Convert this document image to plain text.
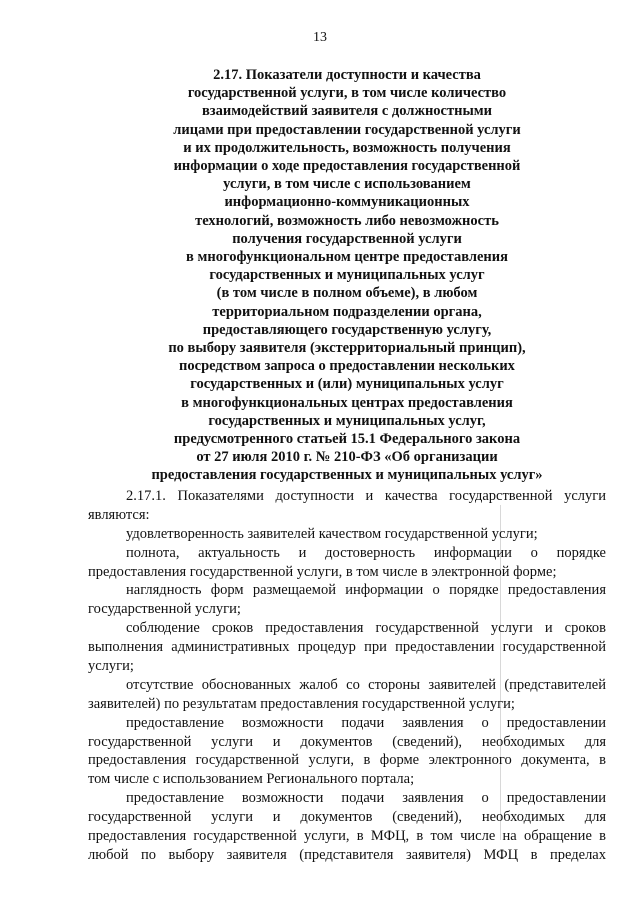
13
2.17. Показатели доступности и качества
государственной услуги, в том числе количество
взаимодействий заявителя с должностными
лицами при предоставлении государственной услуги
и их продолжительность, возможность получения
информации о ходе предоставления государственной
услуги, в том числе с использованием
информационно-коммуникационных
технологий, возможность либо невозможность
получения государственной услуги
в многофункциональном центре предоставления
государственных и муниципальных услуг
(в том числе в полном объеме), в любом
территориальном подразделении органа,
предоставляющего государственную услугу,
по выбору заявителя (экстерриториальный принцип),
посредством запроса о предоставлении нескольких
государственных и (или) муниципальных услуг
в многофункциональных центрах предоставления
государственных и муниципальных услуг,
предусмотренного статьей 15.1 Федерального закона
от 27 июля 2010 г. № 210-ФЗ «Об организации
предоставления государственных и муниципальных услуг»
2.17.1. Показателями доступности и качества государственной услуги
являются:
удовлетворенность заявителей качеством государственной услуги;
полнота, актуальность и достоверность информации о порядке
предоставления государственной услуги, в том числе в электронной форме;
наглядность форм размещаемой информации о порядке предоставления
государственной услуги;
соблюдение сроков предоставления государственной услуги и сроков
выполнения административных процедур при предоставлении государственной
услуги;
отсутствие обоснованных жалоб со стороны заявителей (представителей
заявителей) по результатам предоставления государственной услуги;
предоставление возможности подачи заявления о предоставлении
государственной услуги и документов (сведений), необходимых для
предоставления государственной услуги, в форме электронного документа, в
том числе с использованием Регионального портала;
предоставление возможности подачи заявления о предоставлении
государственной услуги и документов (сведений), необходимых для
предоставления государственной услуги, в МФЦ, в том числе на обращение в
любой по выбору заявителя (представителя заявителя) МФЦ в пределах
